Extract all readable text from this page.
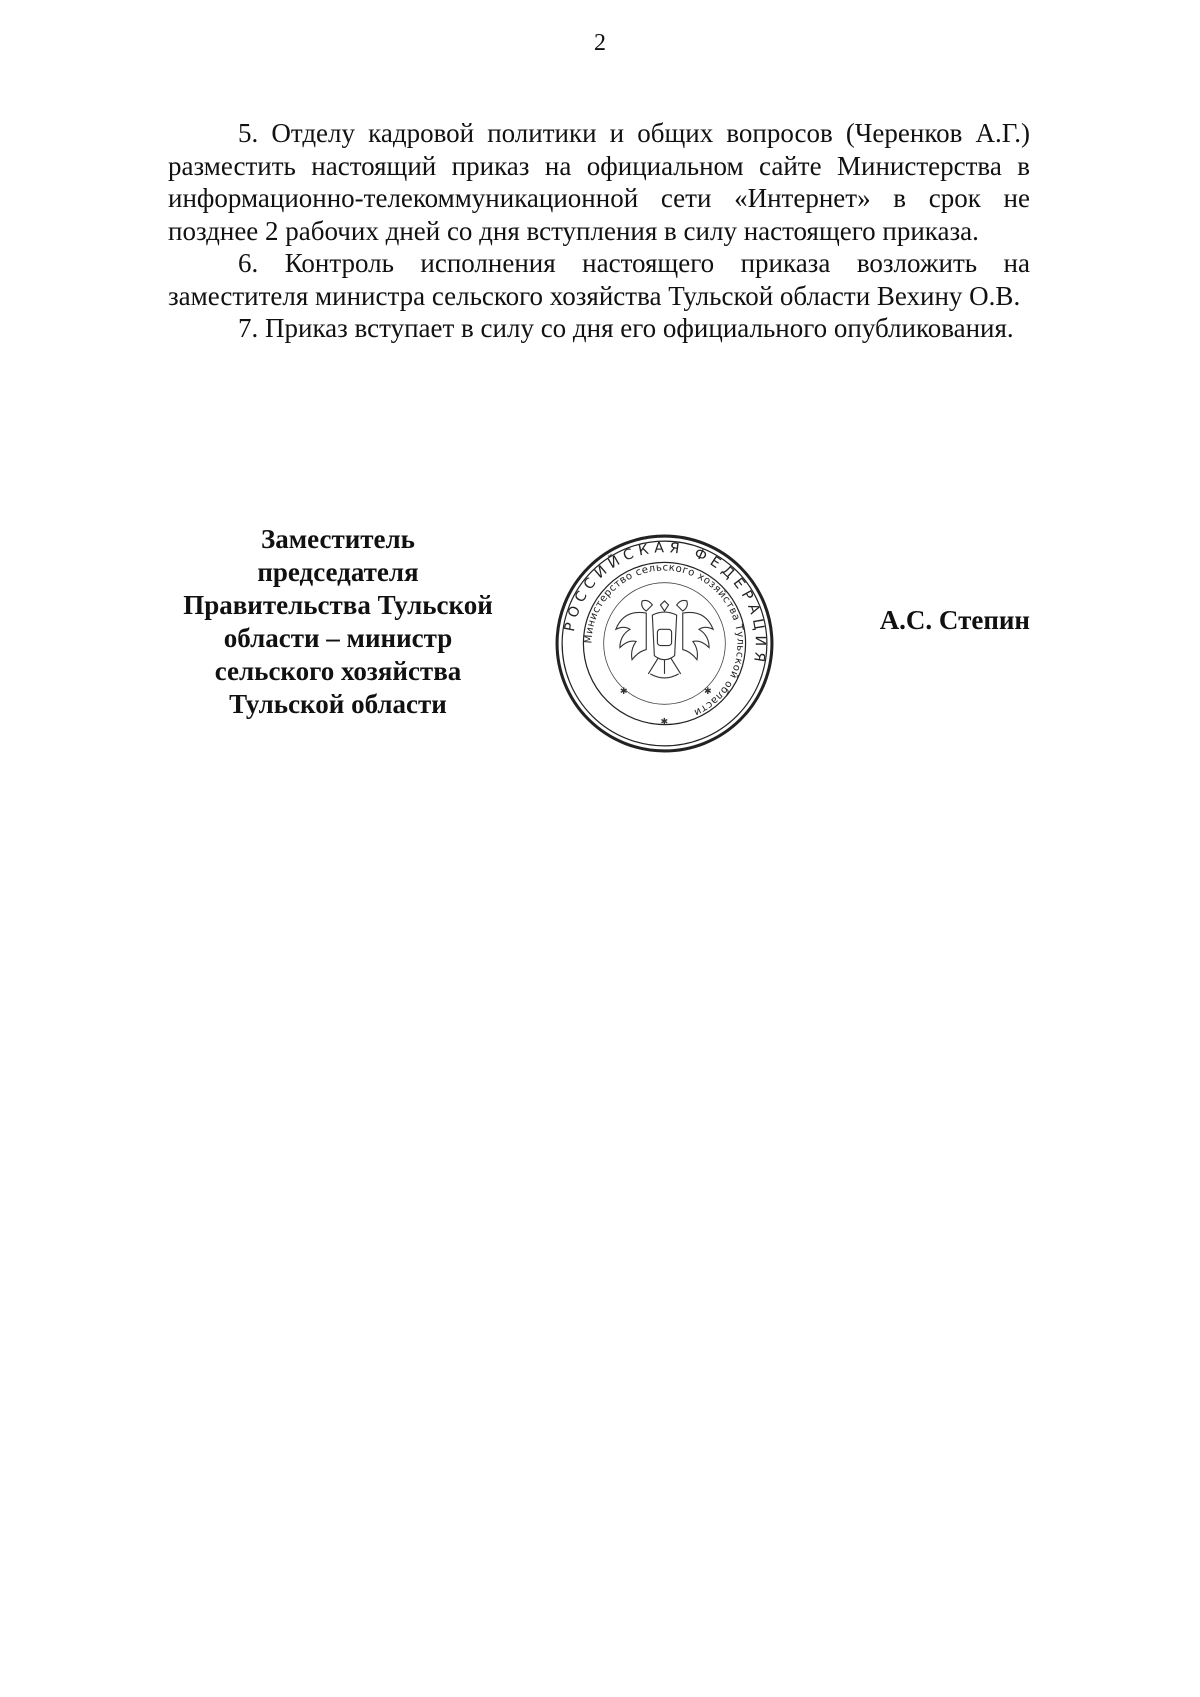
2

5. Отделу кадровой политики и общих вопросов (Черенков А.Г.) разместить настоящий приказ на официальном сайте Министерства в информационно-телекоммуникационной сети «Интернет» в срок не позднее 2 рабочих дней со дня вступления в силу настоящего приказа.

6. Контроль исполнения настоящего приказа возложить на заместителя министра сельского хозяйства Тульской области Вехину О.В.

7. Приказ вступает в силу со дня его официального опубликования.

Заместитель
председателя
Правительства Тульской
области – министр
сельского хозяйства
Тульской области
РОССИЙСКАЯ ФЕДЕРАЦИЯ
Министерство сельского хозяйства Тульской области
✱	✱
✱
А.С. Степин
